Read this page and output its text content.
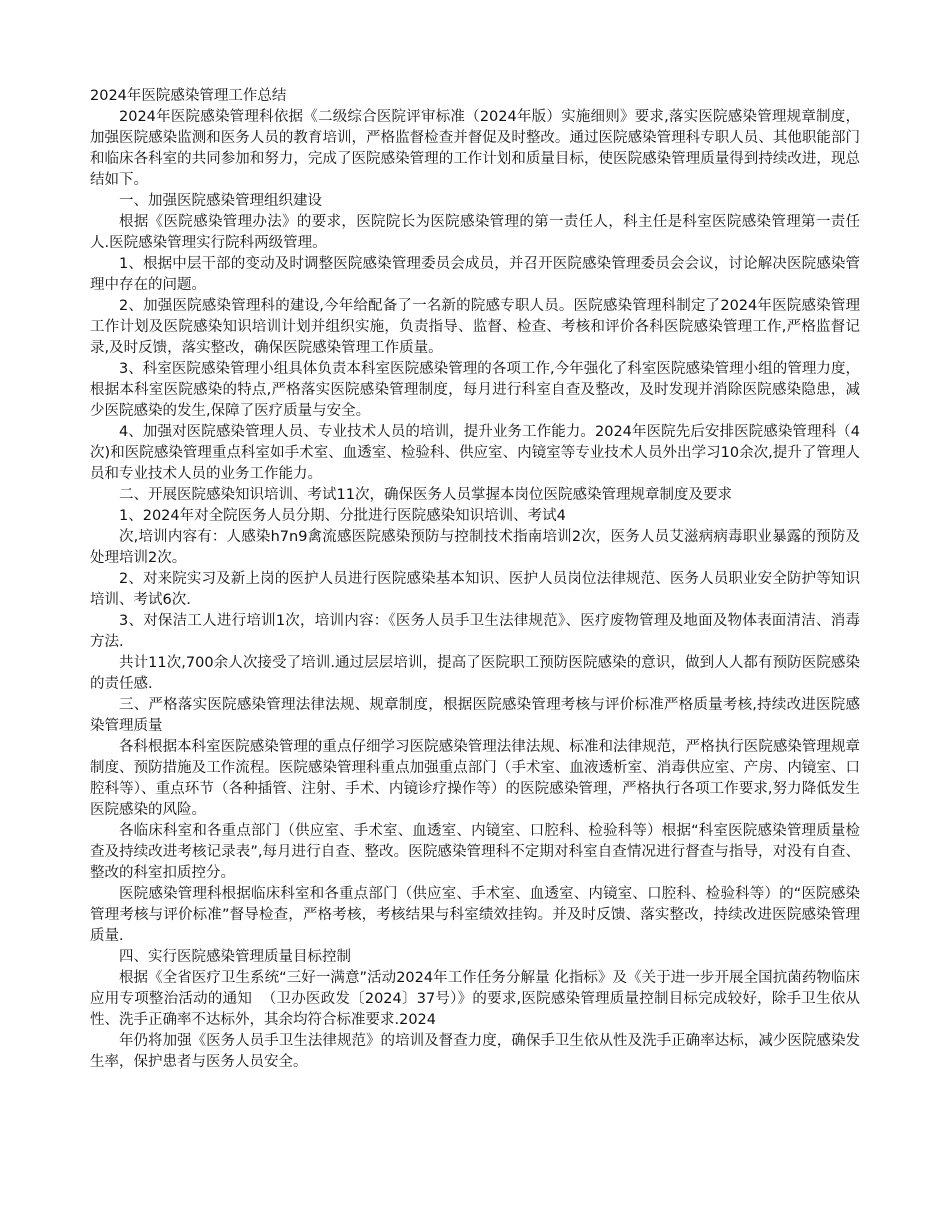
2024年医院感染管理工作总结

2024年医院感染管理科依据《二级综合医院评审标准（2024年版）实施细则》要求,落实医院感染管理规章制度，加强医院感染监测和医务人员的教育培训，严格监督检查并督促及时整改。通过医院感染管理科专职人员、其他职能部门和临床各科室的共同参加和努力，完成了医院感染管理的工作计划和质量目标，使医院感染管理质量得到持续改进，现总结如下。

一、加强医院感染管理组织建设

根据《医院感染管理办法》的要求，医院院长为医院感染管理的第一责任人，科主任是科室医院感染管理第一责任人.医院感染管理实行院科两级管理。

1、根据中层干部的变动及时调整医院感染管理委员会成员，并召开医院感染管理委员会会议，讨论解决医院感染管理中存在的问题。

2、加强医院感染管理科的建设,今年给配备了一名新的院感专职人员。医院感染管理科制定了2024年医院感染管理工作计划及医院感染知识培训计划并组织实施，负责指导、监督、检查、考核和评价各科医院感染管理工作,严格监督记录,及时反馈，落实整改，确保医院感染管理工作质量。

3、科室医院感染管理小组具体负责本科室医院感染管理的各项工作,今年强化了科室医院感染管理小组的管理力度，根据本科室医院感染的特点,严格落实医院感染管理制度，每月进行科室自查及整改，及时发现并消除医院感染隐患，减少医院感染的发生,保障了医疗质量与安全。

4、加强对医院感染管理人员、专业技术人员的培训，提升业务工作能力。2024年医院先后安排医院感染管理科（4次)和医院感染管理重点科室如手术室、血透室、检验科、供应室、内镜室等专业技术人员外出学习10余次,提升了管理人员和专业技术人员的业务工作能力。

二、开展医院感染知识培训、考试11次，确保医务人员掌握本岗位医院感染管理规章制度及要求

1、2024年对全院医务人员分期、分批进行医院感染知识培训、考试4

次,培训内容有：人感染h7n9禽流感医院感染预防与控制技术指南培训2次，医务人员艾滋病病毒职业暴露的预防及处理培训2次。

2、对来院实习及新上岗的医护人员进行医院感染基本知识、医护人员岗位法律规范、医务人员职业安全防护等知识培训、考试6次.

3、对保洁工人进行培训1次，培训内容：《医务人员手卫生法律规范》、医疗废物管理及地面及物体表面清洁、消毒方法.

共计11次,700余人次接受了培训.通过层层培训，提高了医院职工预防医院感染的意识，做到人人都有预防医院感染的责任感.

三、严格落实医院感染管理法律法规、规章制度，根据医院感染管理考核与评价标准严格质量考核,持续改进医院感染管理质量

各科根据本科室医院感染管理的重点仔细学习医院感染管理法律法规、标准和法律规范，严格执行医院感染管理规章制度、预防措施及工作流程。医院感染管理科重点加强重点部门（手术室、血液透析室、消毒供应室、产房、内镜室、口腔科等）、重点环节（各种插管、注射、手术、内镜诊疗操作等）的医院感染管理，严格执行各项工作要求,努力降低发生医院感染的风险。

各临床科室和各重点部门（供应室、手术室、血透室、内镜室、口腔科、检验科等）根据“科室医院感染管理质量检查及持续改进考核记录表”,每月进行自查、整改。医院感染管理科不定期对科室自查情况进行督查与指导，对没有自查、整改的科室扣质控分。

医院感染管理科根据临床科室和各重点部门（供应室、手术室、血透室、内镜室、口腔科、检验科等）的“医院感染管理考核与评价标准”督导检查，严格考核，考核结果与科室绩效挂钩。并及时反馈、落实整改，持续改进医院感染管理质量.

四、实行医院感染管理质量目标控制

根据《全省医疗卫生系统“三好一满意”活动2024年工作任务分解量 化指标》及《关于进一步开展全国抗菌药物临床应用专项整治活动的通知  （卫办医政发〔2024〕37号）》的要求,医院感染管理质量控制目标完成较好，除手卫生依从性、洗手正确率不达标外，其余均符合标准要求.2024

年仍将加强《医务人员手卫生法律规范》的培训及督查力度，确保手卫生依从性及洗手正确率达标，减少医院感染发生率，保护患者与医务人员安全。
